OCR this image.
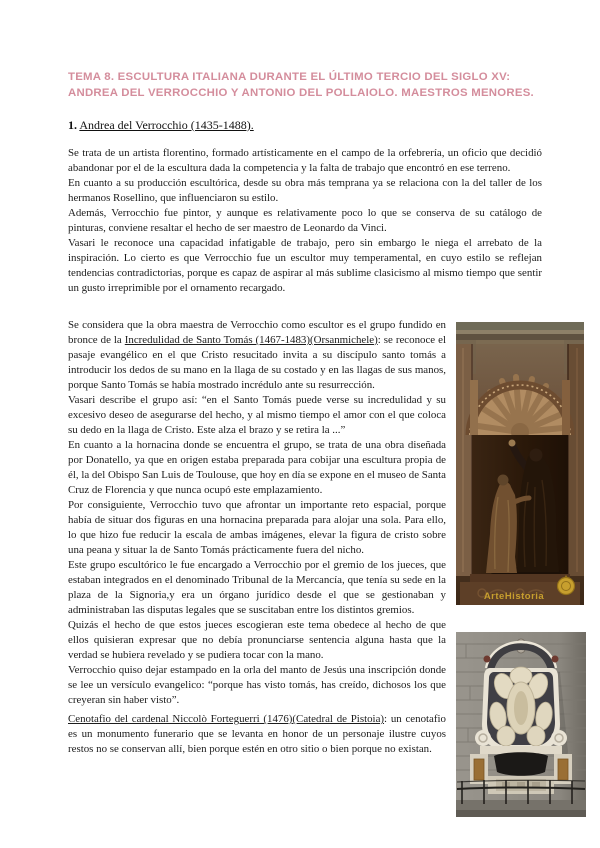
TEMA 8. ESCULTURA ITALIANA DURANTE EL ÚLTIMO TERCIO DEL SIGLO XV: ANDREA DEL VERROCCHIO Y ANTONIO DEL POLLAIOLO. MAESTROS MENORES.
1. Andrea del Verrocchio (1435-1488).

Se trata de un artista florentino, formado artísticamente en el campo de la orfebrería, un oficio que decidió abandonar por el de la escultura dada la competencia y la falta de trabajo que encontró en ese terreno.

En cuanto a su producción escultórica, desde su obra más temprana ya se relaciona con la del taller de los hermanos Rosellino, que influenciaron su estilo.

Además, Verrocchio fue pintor, y aunque es relativamente poco lo que se conserva de su catálogo de pinturas, conviene resaltar el hecho de ser maestro de Leonardo da Vinci.

Vasari le reconoce una capacidad infatigable de trabajo, pero sin embargo le niega el arrebato de la inspiración. Lo cierto es que Verrocchio fue un escultor muy temperamental, en cuyo estilo se reflejan tendencias contradictorias, porque es capaz de aspirar al más sublime clasicismo al mismo tiempo que sentir un gusto irreprimible por el ornamento recargado.

Se considera que la obra maestra de Verrocchio como escultor es el grupo fundido en bronce de la Incredulidad de Santo Tomás (1467-1483)(Orsanmichele): se reconoce el pasaje evangélico en el que Cristo resucitado invita a su discípulo santo tomás a introducir los dedos de su mano en la llaga de su costado y en las llagas de sus manos, porque Santo Tomás se había mostrado incrédulo ante su resurrección.

Vasari describe el grupo así: “en el Santo Tomás puede verse su incredulidad y su excesivo deseo de asegurarse del hecho, y al mismo tiempo el amor con el que coloca su dedo en la llaga de Cristo. Este alza el brazo y se retira la ...”

En cuanto a la hornacina donde se encuentra el grupo, se trata de una obra diseñada por Donatello, ya que en origen estaba preparada para cobijar una escultura propia de él, la del Obispo San Luis de Toulouse, que hoy en día se expone en el museo de Santa Cruz de Florencia y que nunca ocupó este emplazamiento.

Por consiguiente, Verrocchio tuvo que afrontar un importante reto espacial, porque había de situar dos figuras en una hornacina preparada para alojar una sola. Para ello, lo que hizo fue reducir la escala de ambas imágenes, elevar la figura de cristo sobre una peana y situar la de Santo Tomás prácticamente fuera del nicho.

Este grupo escultórico le fue encargado a Verrocchio por el gremio de los jueces, que estaban integrados en el denominado Tribunal de la Mercancía, que tenía su sede en la plaza de la Signoria,y era un órgano jurídico desde el que se gestionaban y administraban las disputas legales que se suscitaban entre los distintos gremios.

Quizás el hecho de que estos jueces escogieran este tema obedece al hecho de que ellos quisieran expresar que no debía pronunciarse sentencia alguna hasta que la verdad se hubiera revelado y se pudiera tocar con la mano.

Verrocchio quiso dejar estampado en la orla del manto de Jesús una inscripción donde se lee un versículo evangelico: “porque has visto tomás, has creído, dichosos los que creyeran sin haber visto”.

Cenotafio del cardenal Niccolò Forteguerri (1476)(Catedral de Pistoia): un cenotafio es un monumento funerario que se levanta en honor de un personaje ilustre cuyos restos no se conservan allí, bien porque estén en otro sitio o bien porque no existan.

ArteHistoria
